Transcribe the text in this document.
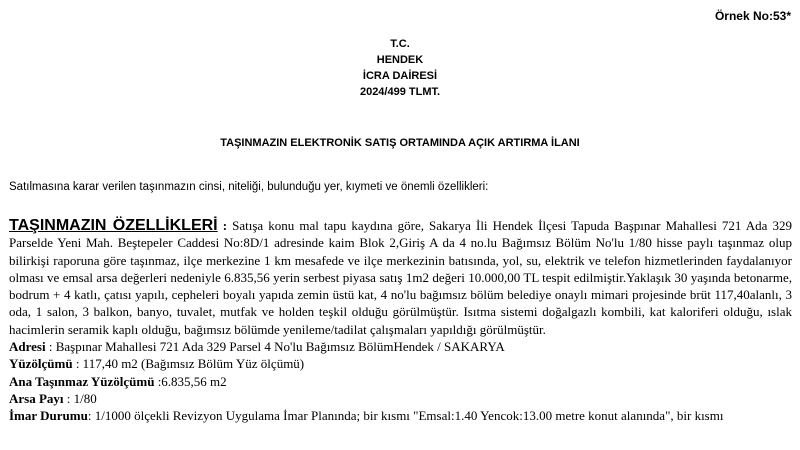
Örnek No:53*
T.C.
HENDEK
İCRA DAİRESİ
2024/499 TLMT.
TAŞINMAZIN ELEKTRONİK SATIŞ ORTAMINDA AÇIK ARTIRMA İLANI
Satılmasına karar verilen taşınmazın cinsi, niteliği, bulunduğu yer, kıymeti ve önemli özellikleri:

TAŞINMAZIN ÖZELLİKLERİ : Satışa konu mal tapu kaydına göre, Sakarya İli Hendek İlçesi Tapuda Başpınar Mahallesi 721 Ada 329 Parselde Yeni Mah. Beştepeler Caddesi No:8D/1 adresinde kaim Blok 2,Giriş A da 4 no.lu Bağımsız Bölüm No'lu 1/80 hisse paylı taşınmaz olup bilirkişi raporuna göre taşınmaz, ilçe merkezine 1 km mesafede ve ilçe merkezinin batısında, yol, su, elektrik ve telefon hizmetlerinden faydalanıyor olması ve emsal arsa değerleri nedeniyle 6.835,56 yerin serbest piyasa satış 1m2 değeri 10.000,00 TL tespit edilmiştir.Yaklaşık 30 yaşında betonarme, bodrum + 4 katlı, çatısı yapılı, cepheleri boyalı yapıda zemin üstü kat, 4 no'lu bağımsız bölüm belediye onaylı mimari projesinde brüt 117,40alanlı, 3 oda, 1 salon, 3 balkon, banyo, tuvalet, mutfak ve holden teşkil olduğu görülmüştür. Isıtma sistemi doğalgazlı kombili, kat kaloriferi olduğu, ıslak hacimlerin seramik kaplı olduğu, bağımsız bölümde yenileme/tadilat çalışmaları yapıldığı görülmüştür.

Adresi : Başpınar Mahallesi 721 Ada 329 Parsel 4 No'lu Bağımsız BölümHendek / SAKARYA

Yüzölçümü : 117,40 m2 (Bağımsız Bölüm Yüz ölçümü)

Ana Taşınmaz Yüzölçümü :6.835,56 m2

Arsa Payı : 1/80

İmar Durumu: 1/1000 ölçekli Revizyon Uygulama İmar Planında; bir kısmı "Emsal:1.40 Yencok:13.00 metre konut alanında", bir kısmı
